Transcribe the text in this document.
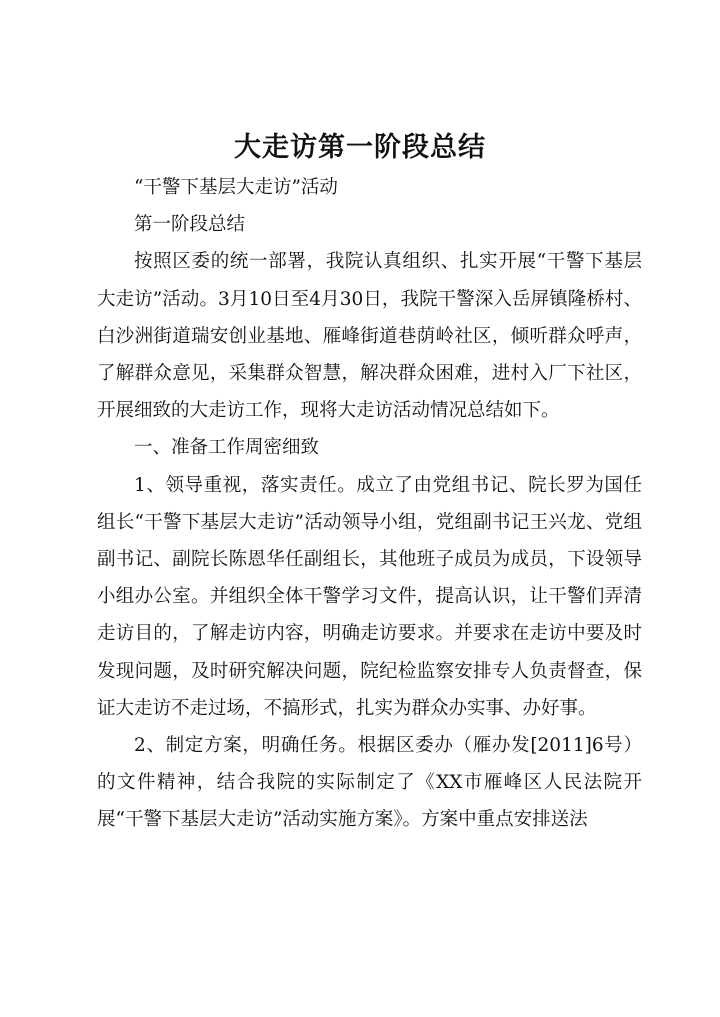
大走访第一阶段总结

“干警下基层大走访”活动

第一阶段总结

按照区委的统一部署，我院认真组织、扎实开展“干警下基层大走访”活动。3月10日至4月30日，我院干警深入岳屏镇隆桥村、白沙洲街道瑞安创业基地、雁峰街道巷荫岭社区，倾听群众呼声，了解群众意见，采集群众智慧，解决群众困难，进村入厂下社区，开展细致的大走访工作，现将大走访活动情况总结如下。

一、准备工作周密细致

1、领导重视，落实责任。成立了由党组书记、院长罗为国任组长“干警下基层大走访”活动领导小组，党组副书记王兴龙、党组副书记、副院长陈恩华任副组长，其他班子成员为成员，下设领导小组办公室。并组织全体干警学习文件，提高认识，让干警们弄清走访目的，了解走访内容，明确走访要求。并要求在走访中要及时发现问题，及时研究解决问题，院纪检监察安排专人负责督查，保证大走访不走过场，不搞形式，扎实为群众办实事、办好事。

2、制定方案，明确任务。根据区委办（雁办发[2011]6号）的文件精神，结合我院的实际制定了《XX市雁峰区人民法院开展“干警下基层大走访”活动实施方案》。方案中重点安排送法
